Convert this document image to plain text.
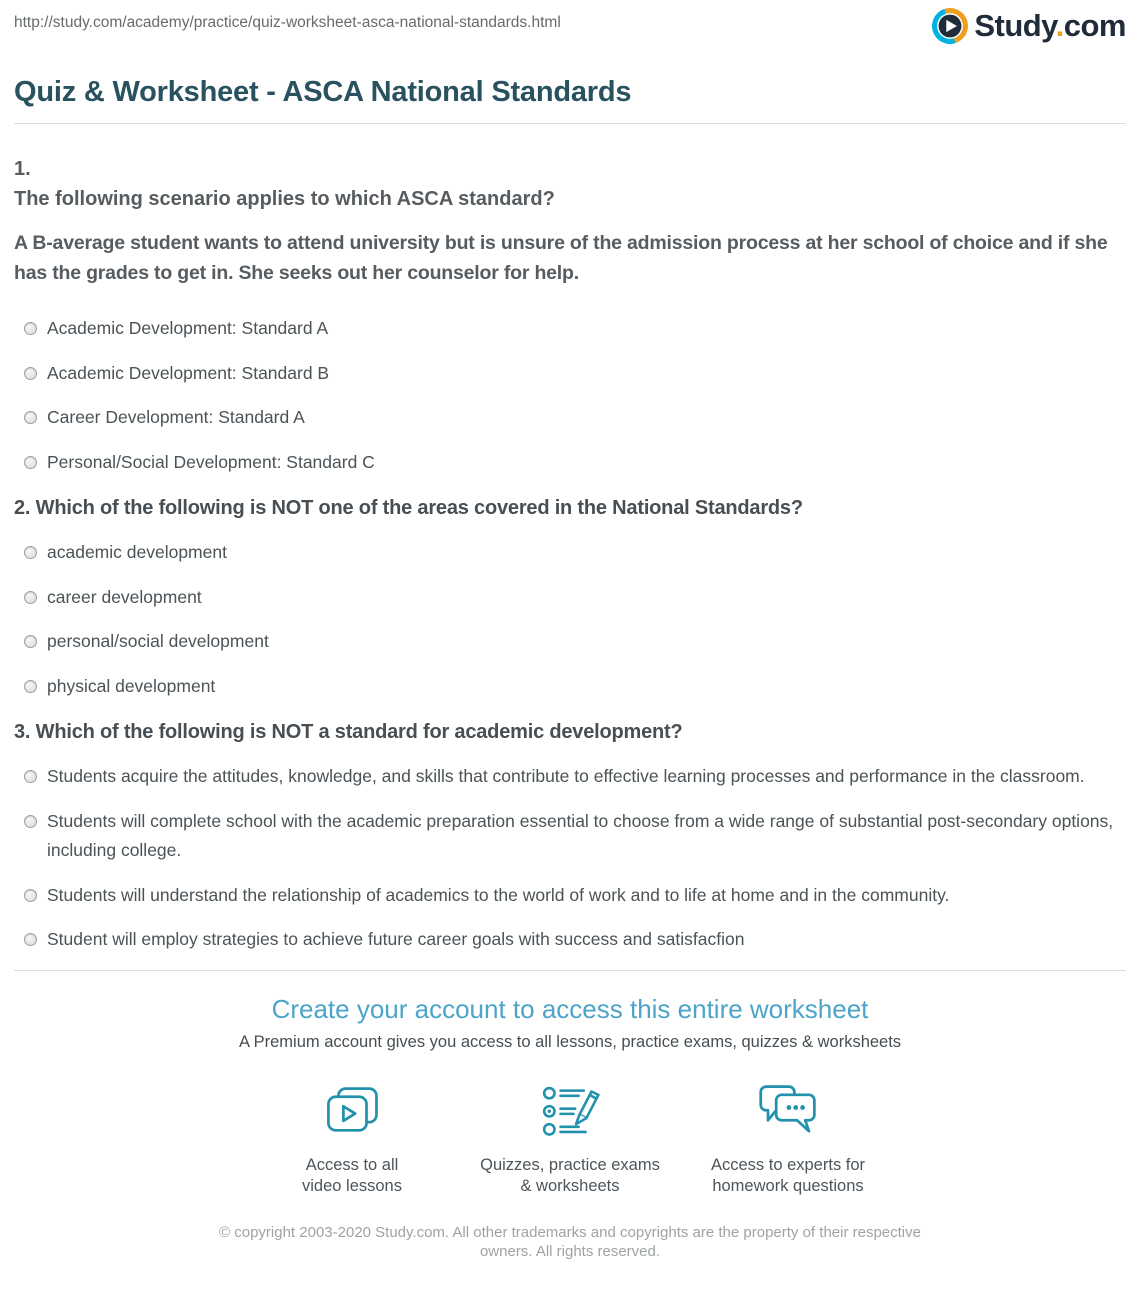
http://study.com/academy/practice/quiz-worksheet-asca-national-standards.html	Study.com
Quiz & Worksheet - ASCA National Standards
1.
The following scenario applies to which ASCA standard?

A B-average student wants to attend university but is unsure of the admission process at her school of choice and if she has the grades to get in. She seeks out her counselor for help.

Academic Development: Standard A
Academic Development: Standard B
Career Development: Standard A
Personal/Social Development: Standard C
2. Which of the following is NOT one of the areas covered in the National Standards?
academic development
career development
personal/social development
physical development
3. Which of the following is NOT a standard for academic development?
Students acquire the attitudes, knowledge, and skills that contribute to effective learning processes and performance in the classroom.
Students will complete school with the academic preparation essential to choose from a wide range of substantial post-secondary options, including college.
Students will understand the relationship of academics to the world of work and to life at home and in the community.
Student will employ strategies to achieve future career goals with success and satisfacfion
Create your account to access this entire worksheet
A Premium account gives you access to all lessons, practice exams, quizzes & worksheets
Access to all
video lessons
Quizzes, practice exams
& worksheets
Access to experts for
homework questions
© copyright 2003-2020 Study.com. All other trademarks and copyrights are the property of their respective owners. All rights reserved.
